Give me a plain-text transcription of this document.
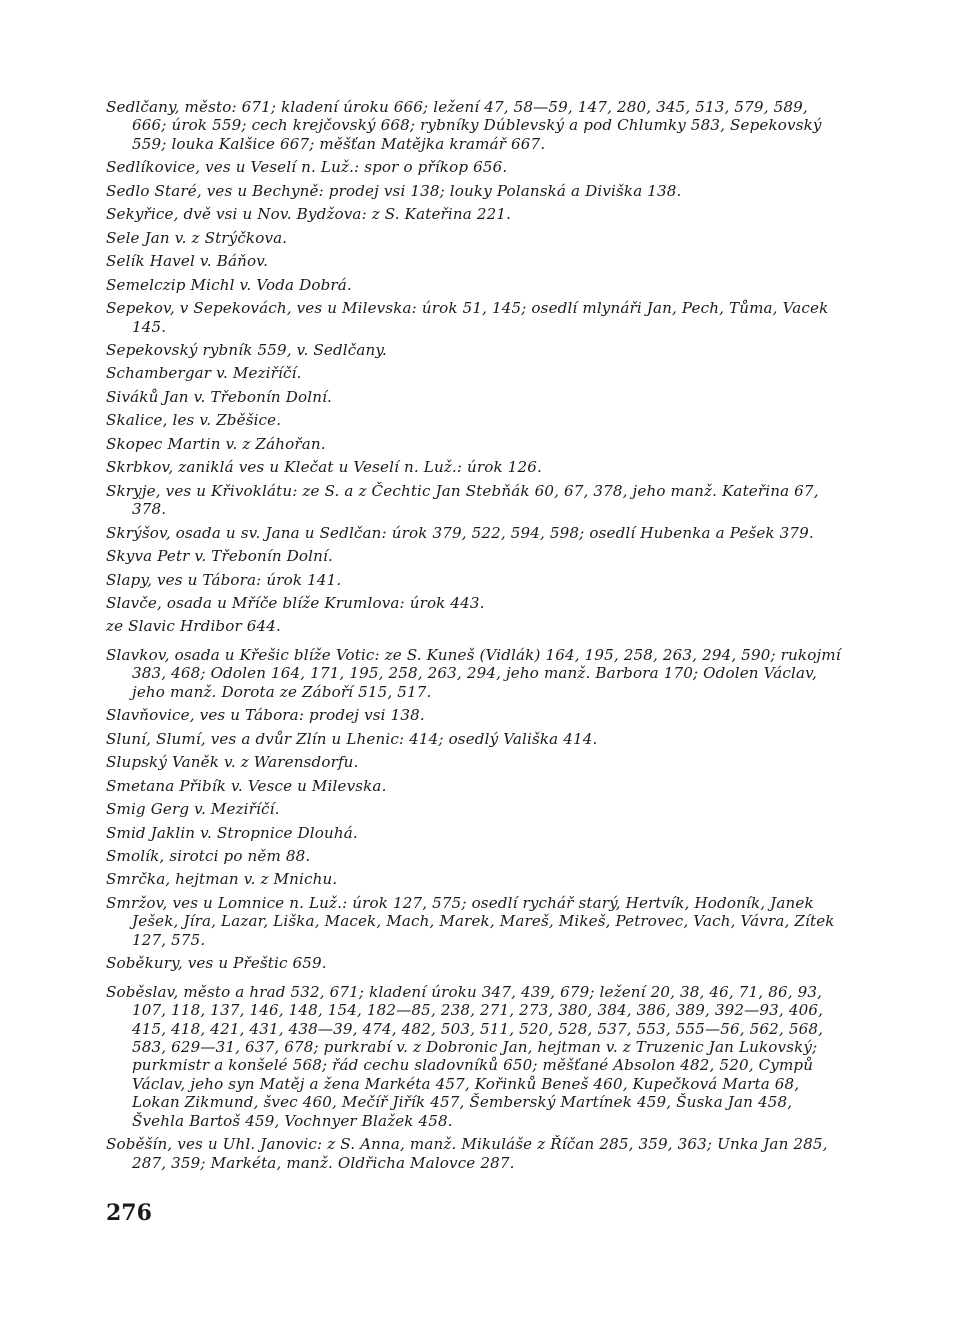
Sedlčany, město: 671; kladení úroku 666; ležení 47, 58—59, 147, 280, 345, 513, 579, 589, 666; úrok 559; cech krejčovský 668; rybníky Dúblevský a pod Chlumky 583, Sepekovský 559; louka Kalšice 667; měšťan Matějka kramář 667.

Sedlíkovice, ves u Veselí n. Luž.: spor o příkop 656.

Sedlo Staré, ves u Bechyně: prodej vsi 138; louky Polanská a Diviška 138.

Sekyřice, dvě vsi u Nov. Bydžova: z S. Kateřina 221.

Sele Jan v. z Strýčkova.

Selík Havel v. Báňov.

Semelczip Michl v. Voda Dobrá.

Sepekov, v Sepekovách, ves u Milevska: úrok 51, 145; osedlí mlynáři Jan, Pech, Tůma, Vacek 145.

Sepekovský rybník 559, v. Sedlčany.

Schambergar v. Meziříčí.

Siváků Jan v. Třebonín Dolní.

Skalice, les v. Zběšice.

Skopec Martin v. z Záhořan.

Skrbkov, zaniklá ves u Klečat u Veselí n. Luž.: úrok 126.

Skryje, ves u Křivoklátu: ze S. a z Čechtic Jan Stebňák 60, 67, 378, jeho manž. Kateřina 67, 378.

Skrýšov, osada u sv. Jana u Sedlčan: úrok 379, 522, 594, 598; osedlí Hubenka a Pešek 379.

Skyva Petr v. Třebonín Dolní.

Slapy, ves u Tábora: úrok 141.

Slavče, osada u Mříče blíže Krumlova: úrok 443.

ze Slavic Hrdibor 644.

Slavkov, osada u Křešic blíže Votic: ze S. Kuneš (Vidlák) 164, 195, 258, 263, 294, 590; rukojmí 383, 468; Odolen 164, 171, 195, 258, 263, 294, jeho manž. Barbora 170; Odolen Václav, jeho manž. Dorota ze Záboří 515, 517.

Slavňovice, ves u Tábora: prodej vsi 138.

Sluní, Slumí, ves a dvůr Zlín u Lhenic: 414; osedlý Vališka 414.

Slupský Vaněk v. z Warensdorfu.

Smetana Přibík v. Vesce u Milevska.

Smig Gerg v. Meziříčí.

Smid Jaklin v. Stropnice Dlouhá.

Smolík, sirotci po něm 88.

Smrčka, hejtman v. z Mnichu.

Smržov, ves u Lomnice n. Luž.: úrok 127, 575; osedlí rychář starý, Hertvík, Hodoník, Janek Ješek, Jíra, Lazar, Liška, Macek, Mach, Marek, Mareš, Mikeš, Petrovec, Vach, Vávra, Zítek 127, 575.

Soběkury, ves u Přeštic 659.

Soběslav, město a hrad 532, 671; kladení úroku 347, 439, 679; ležení 20, 38, 46, 71, 86, 93, 107, 118, 137, 146, 148, 154, 182—85, 238, 271, 273, 380, 384, 386, 389, 392—93, 406, 415, 418, 421, 431, 438—39, 474, 482, 503, 511, 520, 528, 537, 553, 555—56, 562, 568, 583, 629—31, 637, 678; purkrabí v. z Dobronic Jan, hejtman v. z Truzenic Jan Lukovský; purkmistr a konšelé 568; řád cechu sladovníků 650; měšťané Absolon 482, 520, Cympů Václav, jeho syn Matěj a žena Markéta 457, Kořinků Beneš 460, Kupečková Marta 68, Lokan Zikmund, švec 460, Mečíř Jiřík 457, Šemberský Martínek 459, Šuska Jan 458, Švehla Bartoš 459, Vochnyer Blažek 458.

Soběšín, ves u Uhl. Janovic: z S. Anna, manž. Mikuláše z Říčan 285, 359, 363; Unka Jan 285, 287, 359; Markéta, manž. Oldřicha Malovce 287.

276
